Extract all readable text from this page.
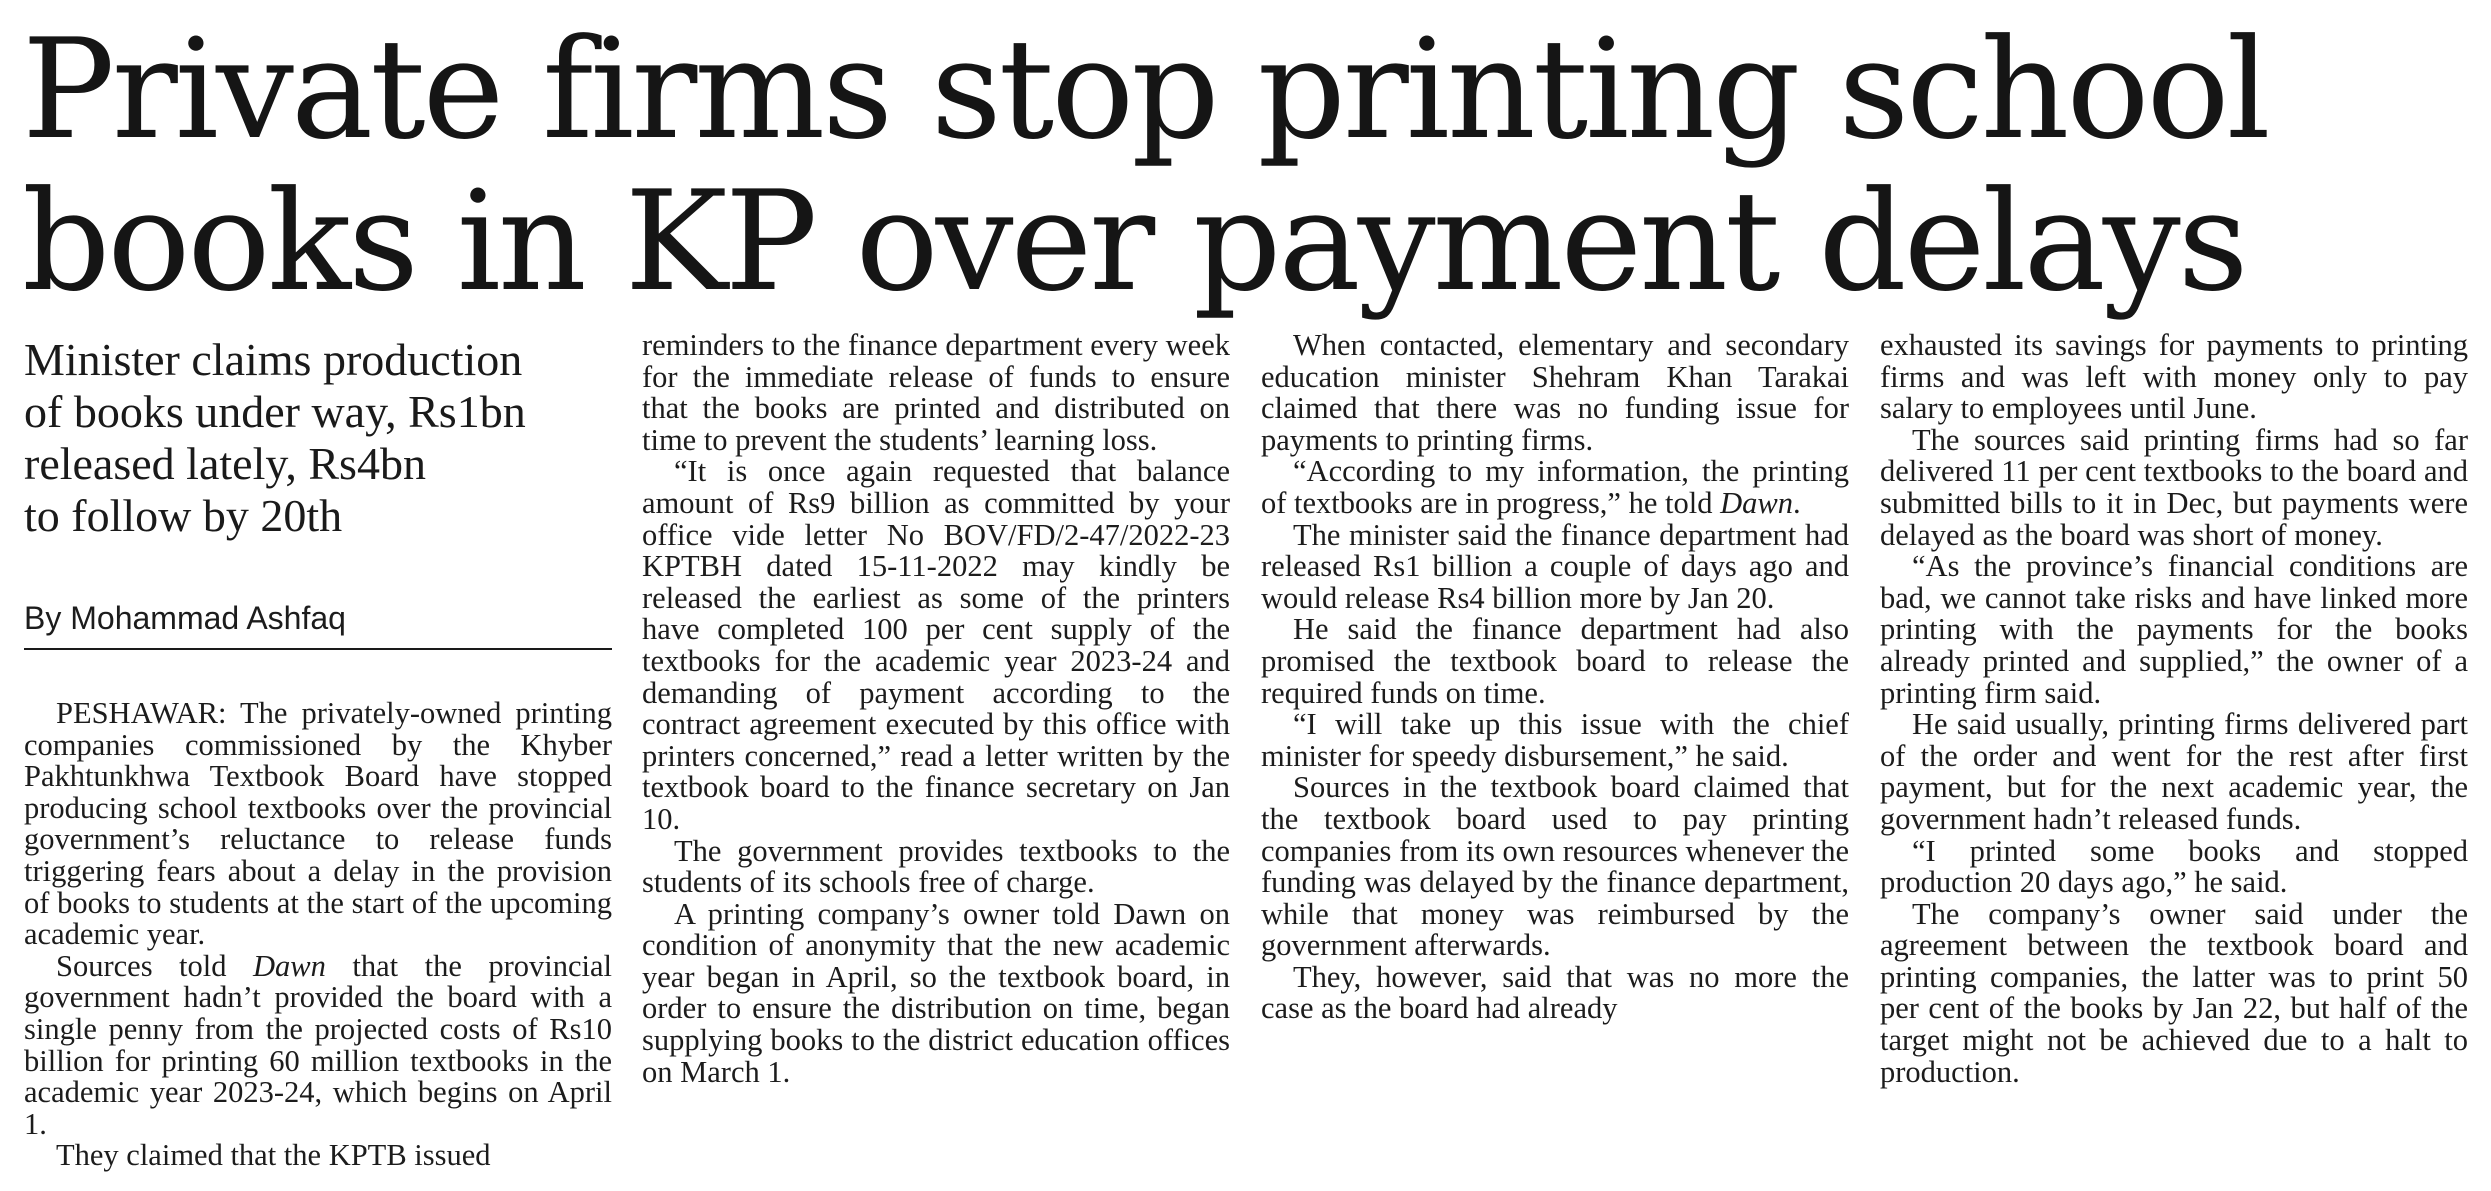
Private firms stop printing school
books in KP over payment delays
Minister claims production
of books under way, Rs1bn
released lately, Rs4bn
to follow by 20th
By Mohammad Ashfaq

PESHAWAR: The privately-owned printing companies commissioned by the Khyber Pakhtunkhwa Textbook Board have stopped producing school textbooks over the provincial government’s reluctance to release funds triggering fears about a delay in the provision of books to students at the start of the upcoming academic year.

Sources told Dawn that the provincial government hadn’t provided the board with a single penny from the projected costs of Rs10 billion for printing 60 million textbooks in the academic year 2023-24, which begins on April 1.

They claimed that the KPTB issued

reminders to the finance department every week for the immediate release of funds to ensure that the books are printed and distributed on time to prevent the students’ learning loss.

“It is once again requested that balance amount of Rs9 billion as committed by your office vide letter No BOV/FD/2-47/2022-23 KPTBH dated 15-11-2022 may kindly be released the earliest as some of the printers have completed 100 per cent supply of the textbooks for the academic year 2023-24 and demanding of payment according to the contract agreement executed by this office with printers concerned,” read a letter written by the textbook board to the finance secretary on Jan 10.

The government provides textbooks to the students of its schools free of charge.

A printing company’s owner told Dawn on condition of anonymity that the new academic year began in April, so the textbook board, in order to ensure the distribution on time, began supplying books to the district education offices on March 1.

When contacted, elementary and secondary education minister Shehram Khan Tarakai claimed that there was no funding issue for payments to printing firms.

“According to my information, the printing of textbooks are in progress,” he told Dawn.

The minister said the finance department had released Rs1 billion a couple of days ago and would release Rs4 billion more by Jan 20.

He said the finance department had also promised the textbook board to release the required funds on time.

“I will take up this issue with the chief minister for speedy disbursement,” he said.

Sources in the textbook board claimed that the textbook board used to pay printing companies from its own resources whenever the funding was delayed by the finance department, while that money was reimbursed by the government afterwards.

They, however, said that was no more the case as the board had already

exhausted its savings for payments to printing firms and was left with money only to pay salary to employees until June.

The sources said printing firms had so far delivered 11 per cent textbooks to the board and submitted bills to it in Dec, but payments were delayed as the board was short of money.

“As the province’s financial conditions are bad, we cannot take risks and have linked more printing with the payments for the books already printed and supplied,” the owner of a printing firm said.

He said usually, printing firms delivered part of the order and went for the rest after first payment, but for the next academic year, the government hadn’t released funds.

“I printed some books and stopped production 20 days ago,” he said.

The company’s owner said under the agreement between the textbook board and printing companies, the latter was to print 50 per cent of the books by Jan 22, but half of the target might not be achieved due to a halt to production.
